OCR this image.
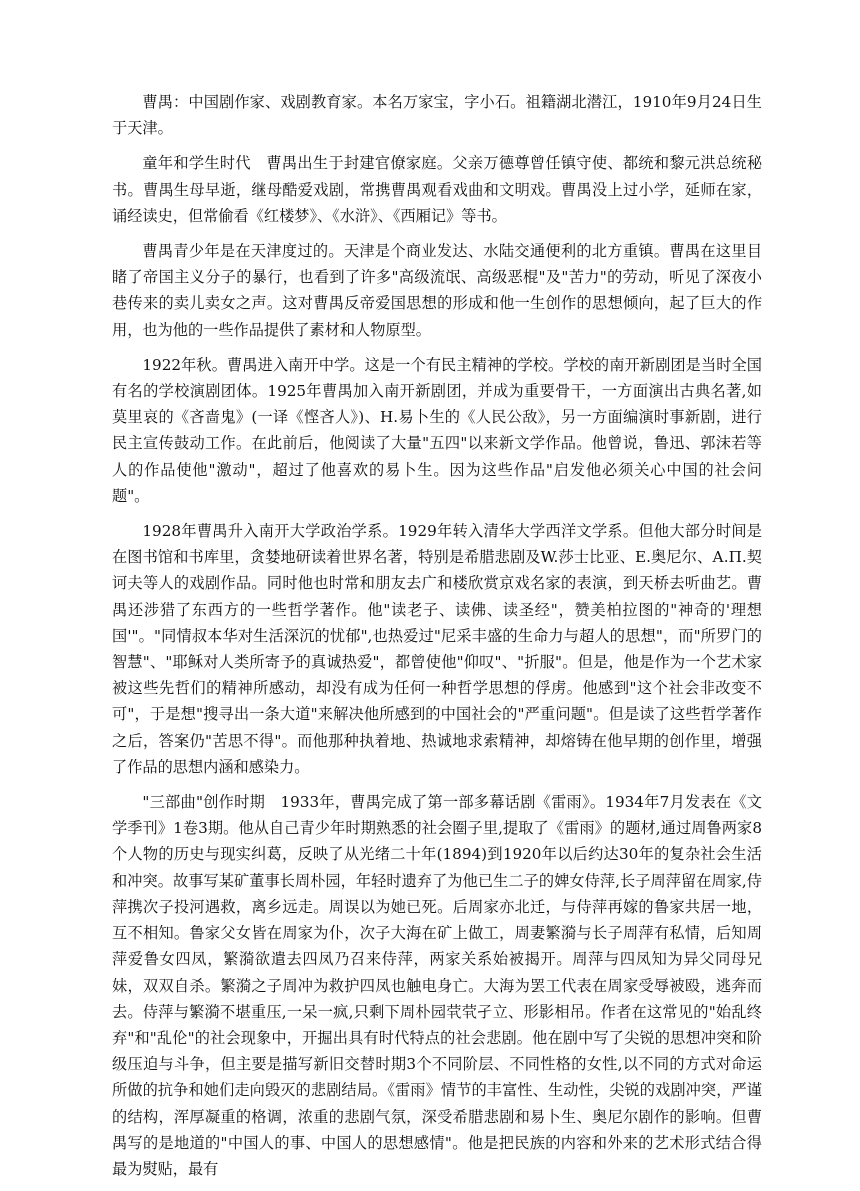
曹禺：中国剧作家、戏剧教育家。本名万家宝，字小石。祖籍湖北潜江，1910年9月24日生于天津。

童年和学生时代　曹禺出生于封建官僚家庭。父亲万德尊曾任镇守使、都统和黎元洪总统秘书。曹禺生母早逝，继母酷爱戏剧，常携曹禺观看戏曲和文明戏。曹禺没上过小学，延师在家，诵经读史，但常偷看《红楼梦》、《水浒》、《西厢记》等书。

曹禺青少年是在天津度过的。天津是个商业发达、水陆交通便利的北方重镇。曹禺在这里目睹了帝国主义分子的暴行，也看到了许多"高级流氓、高级恶棍"及"苦力"的劳动，听见了深夜小巷传来的卖儿卖女之声。这对曹禺反帝爱国思想的形成和他一生创作的思想倾向，起了巨大的作用，也为他的一些作品提供了素材和人物原型。

1922年秋。曹禺进入南开中学。这是一个有民主精神的学校。学校的南开新剧团是当时全国有名的学校演剧团体。1925年曹禺加入南开新剧团，并成为重要骨干，一方面演出古典名著,如莫里哀的《吝啬鬼》(一译《悭吝人》)、H.易卜生的《人民公敌》，另一方面编演时事新剧，进行民主宣传鼓动工作。在此前后，他阅读了大量"五四"以来新文学作品。他曾说，鲁迅、郭沫若等人的作品使他"激动"，超过了他喜欢的易卜生。因为这些作品"启发他必须关心中国的社会问题"。

1928年曹禺升入南开大学政治学系。1929年转入清华大学西洋文学系。但他大部分时间是在图书馆和书库里，贪婪地研读着世界名著，特别是希腊悲剧及W.莎士比亚、E.奥尼尔、А.П.契诃夫等人的戏剧作品。同时他也时常和朋友去广和楼欣赏京戏名家的表演，到天桥去听曲艺。曹禺还涉猎了东西方的一些哲学著作。他"读老子、读佛、读圣经"，赞美柏拉图的"神奇的'理想国'"。"同情叔本华对生活深沉的忧郁",也热爱过"尼采丰盛的生命力与超人的思想"，而"所罗门的智慧"、"耶稣对人类所寄予的真诚热爱"，都曾使他"仰叹"、"折服"。但是，他是作为一个艺术家被这些先哲们的精神所感动，却没有成为任何一种哲学思想的俘虏。他感到"这个社会非改变不可"，于是想"搜寻出一条大道"来解决他所感到的中国社会的"严重问题"。但是读了这些哲学著作之后，答案仍"苦思不得"。而他那种执着地、热诚地求索精神，却熔铸在他早期的创作里，增强了作品的思想内涵和感染力。

"三部曲"创作时期　1933年，曹禺完成了第一部多幕话剧《雷雨》。1934年7月发表在《文学季刊》1卷3期。他从自己青少年时期熟悉的社会圈子里,提取了《雷雨》的题材,通过周鲁两家8个人物的历史与现实纠葛，反映了从光绪二十年(1894)到1920年以后约达30年的复杂社会生活和冲突。故事写某矿董事长周朴园，年轻时遗弃了为他已生二子的婢女侍萍,长子周萍留在周家,侍萍携次子投河遇救，离乡远走。周误以为她已死。后周家亦北迁，与侍萍再嫁的鲁家共居一地，互不相知。鲁家父女皆在周家为仆，次子大海在矿上做工，周妻繁漪与长子周萍有私情，后知周萍爱鲁女四凤，繁漪欲遣去四凤乃召来侍萍，两家关系始被揭开。周萍与四凤知为异父同母兄妹，双双自杀。繁漪之子周冲为救护四凤也触电身亡。大海为罢工代表在周家受辱被殴，逃奔而去。侍萍与繁漪不堪重压,一呆一疯,只剩下周朴园茕茕孑立、形影相吊。作者在这常见的"始乱终弃"和"乱伦"的社会现象中，开掘出具有时代特点的社会悲剧。他在剧中写了尖锐的思想冲突和阶级压迫与斗争，但主要是描写新旧交替时期3个不同阶层、不同性格的女性,以不同的方式对命运所做的抗争和她们走向毁灭的悲剧结局。《雷雨》情节的丰富性、生动性，尖锐的戏剧冲突，严谨的结构，浑厚凝重的格调，浓重的悲剧气氛，深受希腊悲剧和易卜生、奥尼尔剧作的影响。但曹禺写的是地道的"中国人的事、中国人的思想感情"。他是把民族的内容和外来的艺术形式结合得最为熨贴，最有
